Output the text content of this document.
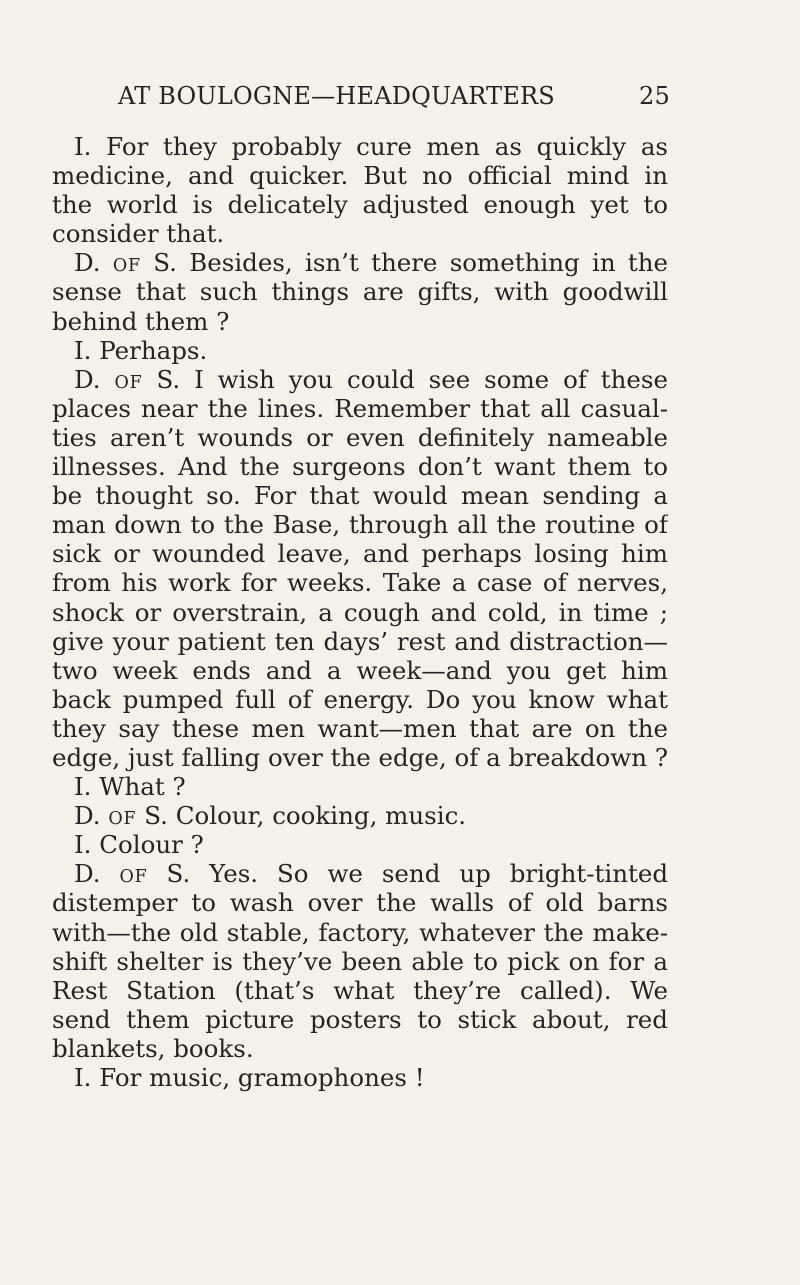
AT BOULOGNE—HEADQUARTERS	25
I. For they probably cure men as quickly as
medicine, and quicker. But no official mind in
the world is delicately adjusted enough yet to
consider that.
D. OF S. Besides, isn’t there something in the
sense that such things are gifts, with goodwill
behind them ?
I. Perhaps.
D. OF S. I wish you could see some of these
places near the lines. Remember that all casual-
ties aren’t wounds or even definitely nameable
illnesses. And the surgeons don’t want them to
be thought so. For that would mean sending a
man down to the Base, through all the routine of
sick or wounded leave, and perhaps losing him
from his work for weeks. Take a case of nerves,
shock or overstrain, a cough and cold, in time ;
give your patient ten days’ rest and distraction—
two week ends and a week—and you get him
back pumped full of energy. Do you know what
they say these men want—men that are on the
edge, just falling over the edge, of a breakdown ?
I. What ?
D. OF S. Colour, cooking, music.
I. Colour ?
D. OF S. Yes. So we send up bright-tinted
distemper to wash over the walls of old barns
with—the old stable, factory, whatever the make-
shift shelter is they’ve been able to pick on for a
Rest Station (that’s what they’re called). We
send them picture posters to stick about, red
blankets, books.
I. For music, gramophones !
